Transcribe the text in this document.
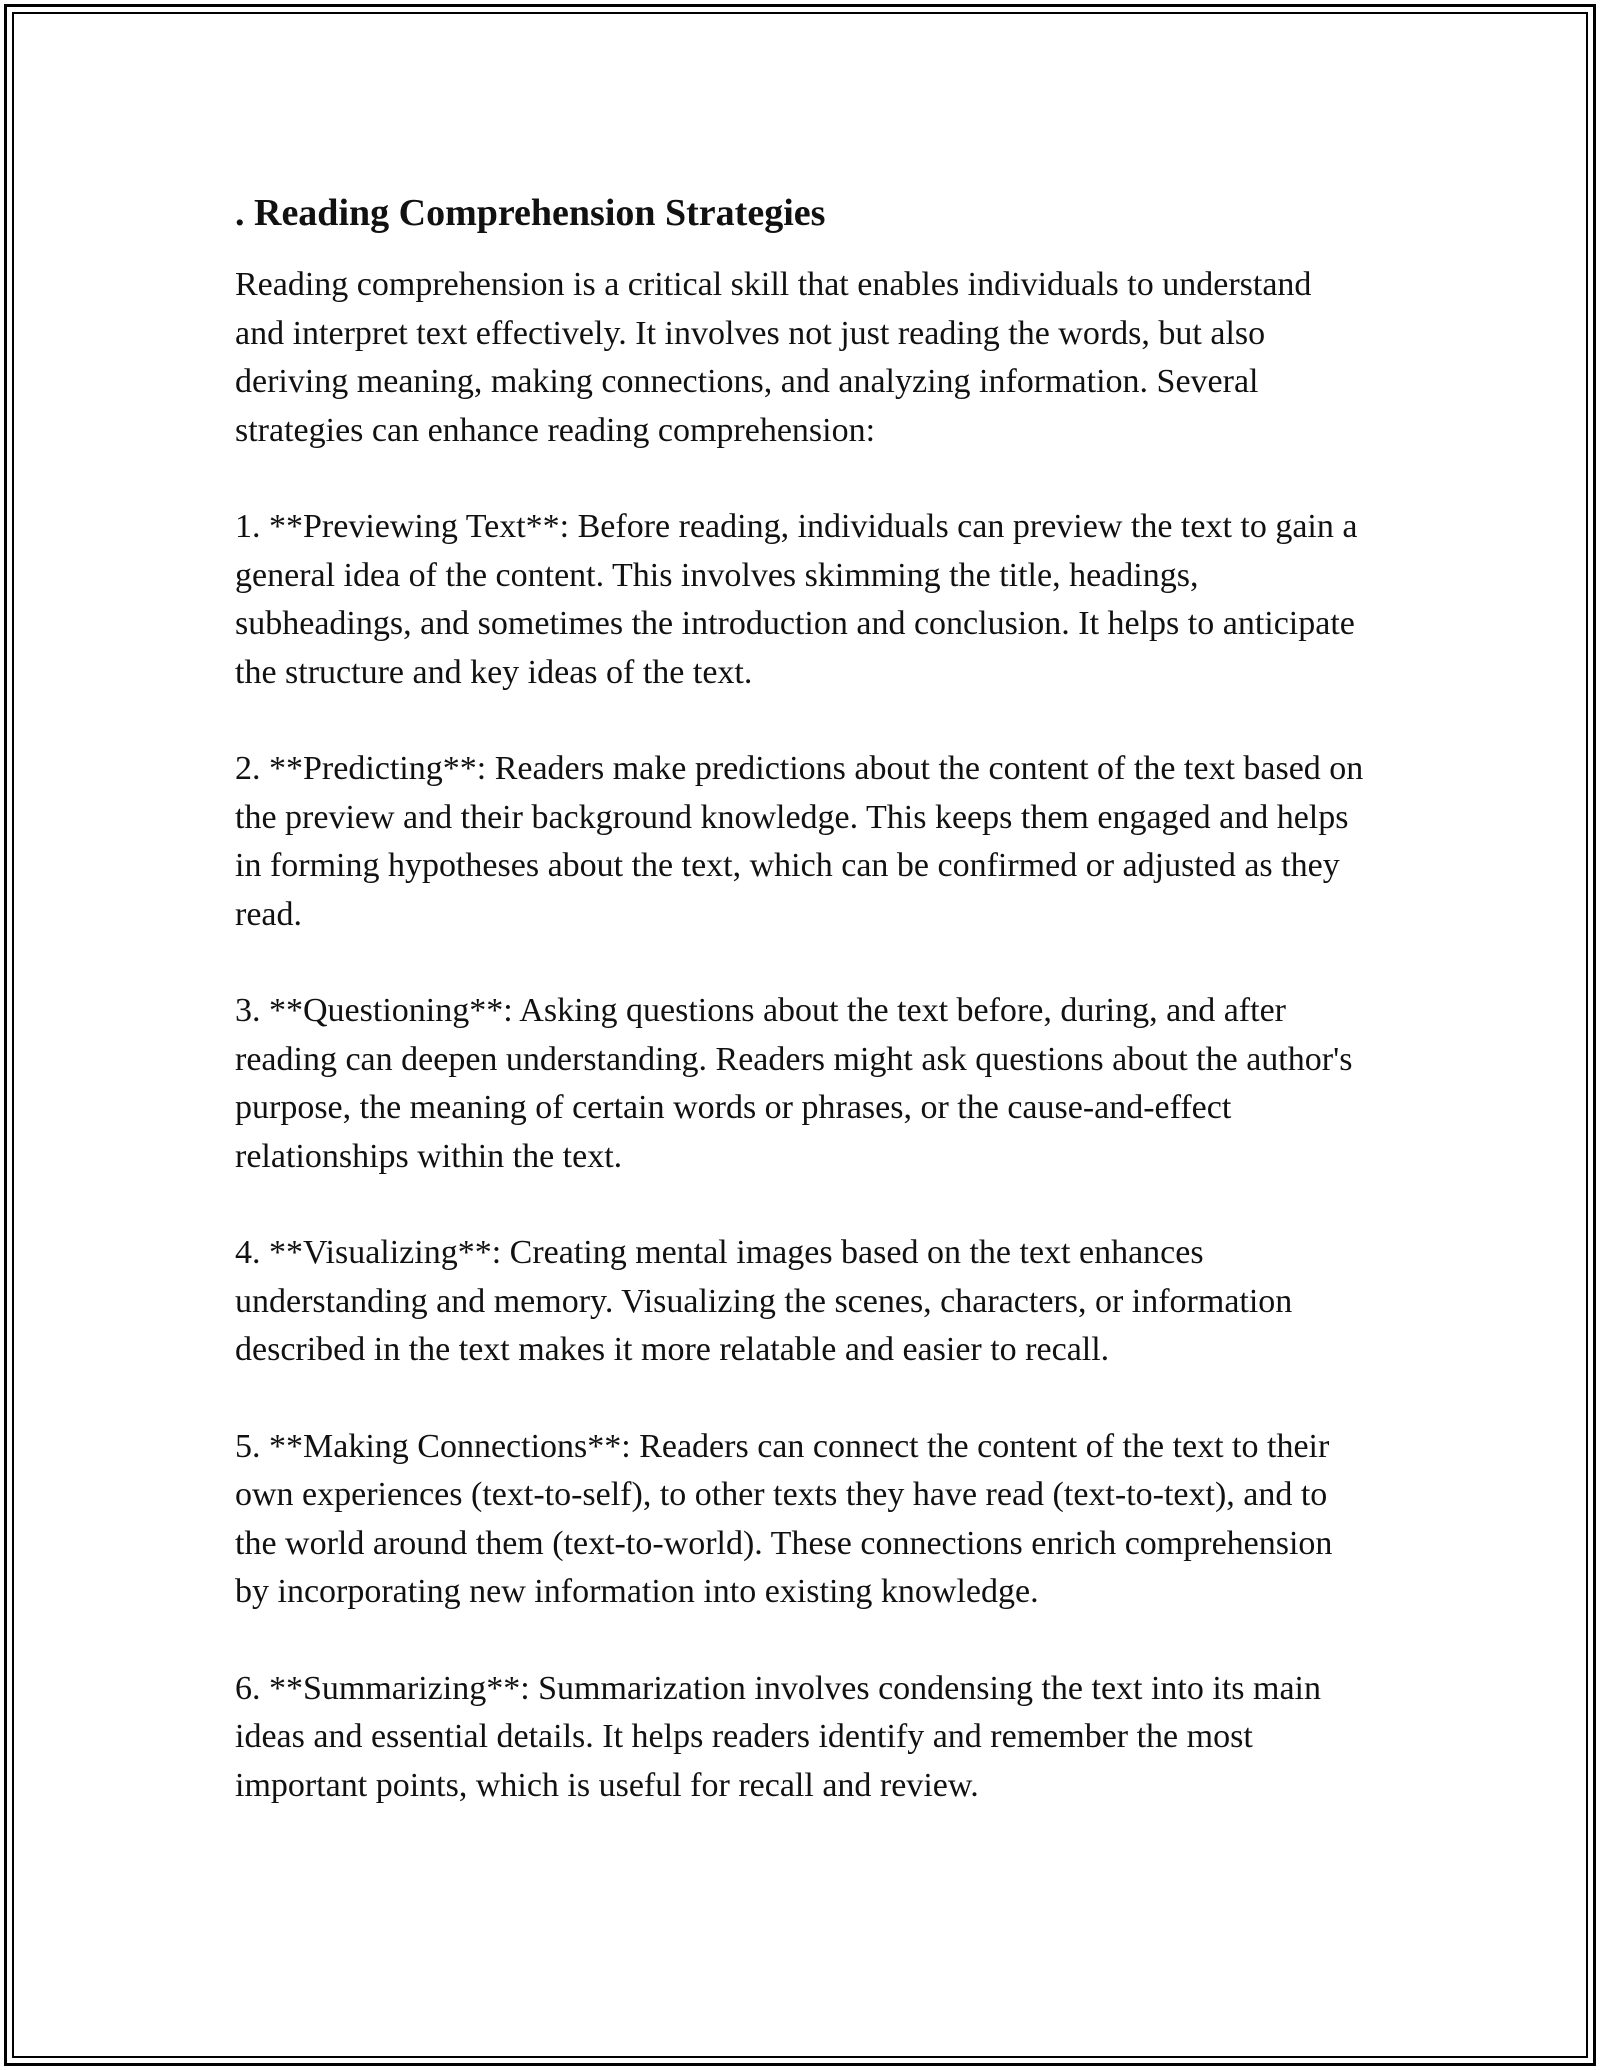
. Reading Comprehension Strategies

Reading comprehension is a critical skill that enables individuals to understand and interpret text effectively. It involves not just reading the words, but also deriving meaning, making connections, and analyzing information. Several strategies can enhance reading comprehension:

1. **Previewing Text**: Before reading, individuals can preview the text to gain a general idea of the content. This involves skimming the title, headings, subheadings, and sometimes the introduction and conclusion. It helps to anticipate the structure and key ideas of the text.

2. **Predicting**: Readers make predictions about the content of the text based on the preview and their background knowledge. This keeps them engaged and helps in forming hypotheses about the text, which can be confirmed or adjusted as they read.

3. **Questioning**: Asking questions about the text before, during, and after reading can deepen understanding. Readers might ask questions about the author's purpose, the meaning of certain words or phrases, or the cause-and-effect relationships within the text.

4. **Visualizing**: Creating mental images based on the text enhances understanding and memory. Visualizing the scenes, characters, or information described in the text makes it more relatable and easier to recall.

5. **Making Connections**: Readers can connect the content of the text to their own experiences (text-to-self), to other texts they have read (text-to-text), and to the world around them (text-to-world). These connections enrich comprehension by incorporating new information into existing knowledge.

6. **Summarizing**: Summarization involves condensing the text into its main ideas and essential details. It helps readers identify and remember the most important points, which is useful for recall and review.
